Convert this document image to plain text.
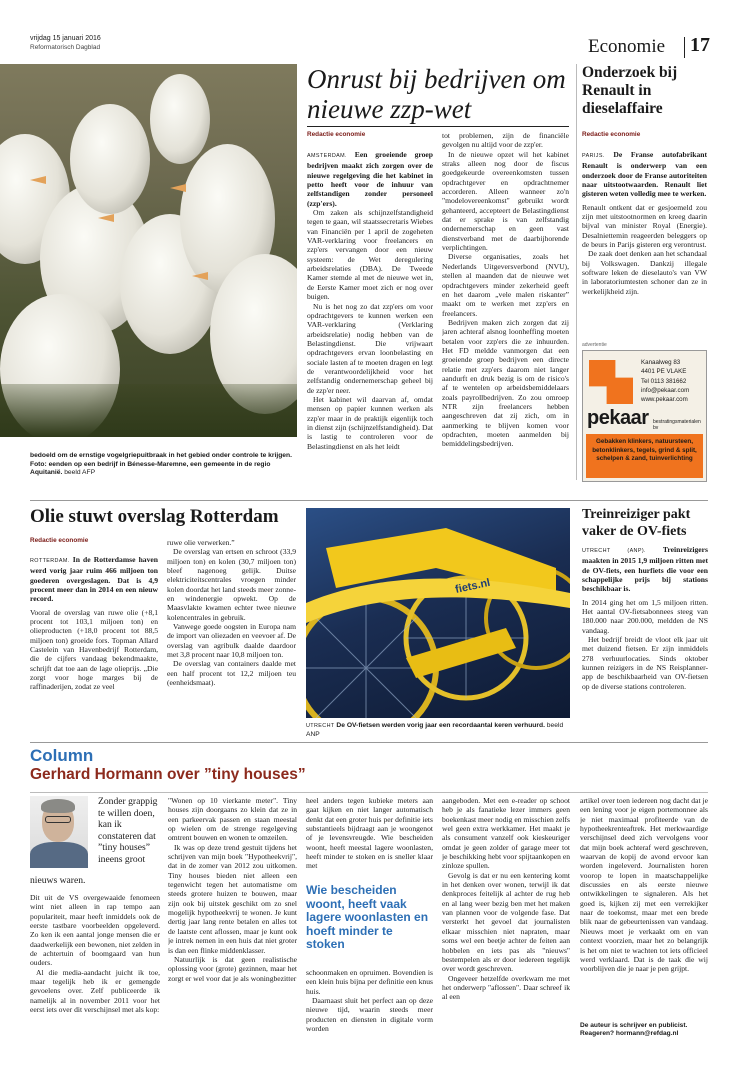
vrijdag 15 januari 2016
Reformatorisch Dagblad	Economie 17
bedoeld om de ernstige vogelgriepuitbraak in het gebied onder controle te krijgen. Foto: eenden op een bedrijf in Bénesse-Maremne, een gemeente in de regio Aquitanië. beeld AFP
Onrust bij bedrijven om nieuwe zzp-wet
Redactie economie

AMSTERDAM. Een groeiende groep bedrijven maakt zich zorgen over de nieuwe regelgeving die het kabinet in petto heeft voor de inhuur van zelfstandigen zonder personeel (zzp'ers).

Om zaken als schijnzelfstandigheid tegen te gaan, wil staatssecretaris Wiebes van Financiën per 1 april de zogeheten VAR-verklaring voor freelancers en zzp'ers vervangen door een nieuw systeem: de Wet deregulering arbeidsrelaties (DBA). De Tweede Kamer stemde al met de nieuwe wet in, de Eerste Kamer moet zich er nog over buigen.

Nu is het nog zo dat zzp'ers om voor opdrachtgevers te kunnen werken een VAR-verklaring (Verklaring arbeidsrelatie) nodig hebben van de Belastingdienst. Die vrijwaart opdrachtgevers ervan loonbelasting en sociale lasten af te moeten dragen en legt de verantwoordelijkheid voor het zelfstandig ondernemerschap geheel bij de zzp'er neer.

Het kabinet wil daarvan af, omdat mensen op papier kunnen werken als zzp'er maar in de praktijk eigenlijk toch in dienst zijn (schijnzelfstandigheid). Dat is lastig te controleren voor de Belastingdienst en als het leidt

tot problemen, zijn de financiële gevolgen nu altijd voor de zzp'er.

In de nieuwe opzet wil het kabinet straks alleen nog door de fiscus goedgekeurde overeenkomsten tussen opdrachtgever en opdrachtnemer accorderen. Alleen wanneer zo'n "modelovereenkomst" gebruikt wordt gehanteerd, accepteert de Belastingdienst dat er sprake is van zelfstandig ondernemerschap en geen vast dienstverband met de daarbijhorende verplichtingen.

Diverse organisaties, zoals het Nederlands Uitgeversverbond (NVU), stellen al maanden dat de nieuwe wet opdrachtgevers minder zekerheid geeft en het daarom „vele malen riskanter” maakt om te werken met zzp'ers en freelancers.

Bedrijven maken zich zorgen dat zij jaren achteraf alsnog loonheffing moeten betalen voor zzp'ers die ze inhuurden. Het FD meldde vanmorgen dat een groeiende groep bedrijven een directe relatie met zzp'ers daarom niet langer aandurft en druk bezig is om de risico's af te wentelen op arbeidsbemiddelaars zoals payrollbedrijven. Zo zou omroep NTR zijn freelancers hebben aangeschreven dat zij zich, om in aanmerking te blijven komen voor opdrachten, moeten aanmelden bij bemiddelingsbedrijven.

Onderzoek bij Renault in dieselaffaire
Redactie economie

PARIJS. De Franse autofabrikant Renault is onderwerp van een onderzoek door de Franse autoriteiten naar uitstootwaarden. Renault liet gisteren weten volledig mee te werken.

Renault ontkent dat er gesjoemeld zou zijn met uitstootnormen en kreeg daarin bijval van minister Royal (Energie). Desalniettemin reageerden beleggers op de beurs in Parijs gisteren erg verontrust.

De zaak doet denken aan het schandaal bij Volkswagen. Dankzij illegale software leken de dieselauto's van VW in laboratoriumtesten schoner dan ze in werkelijkheid zijn.

advertentie
Kanaalweg 83
4401 PE VLAKE
Tel 0113 381662
info@pekaar.com
www.pekaar.com
pekaar bestratingsmaterialen bv
Gebakken klinkers, natuursteen, betonklinkers, tegels, grind & split, schelpen & zand, tuinverlichting
Olie stuwt overslag Rotterdam
Redactie economie

ROTTERDAM. In de Rotterdamse haven werd vorig jaar ruim 466 miljoen ton goederen overgeslagen. Dat is 4,9 procent meer dan in 2014 en een nieuw record.

Vooral de overslag van ruwe olie (+8,1 procent tot 103,1 miljoen ton) en olieproducten (+18,0 procent tot 88,5 miljoen ton) groeide fors. Topman Allard Castelein van Havenbedrijf Rotterdam, die de cijfers vandaag bekendmaakte, schrijft dat toe aan de lage olieprijs. „Die zorgt voor hoge marges bij de raffinaderijen, zodat ze veel

ruwe olie verwerken.”

De overslag van ertsen en schroot (33,9 miljoen ton) en kolen (30,7 miljoen ton) bleef nagenoeg gelijk. Duitse elektriciteitscentrales vroegen minder kolen doordat het land steeds meer zonne- en windenergie opwekt. Op de Maasvlakte kwamen echter twee nieuwe kolencentrales in gebruik.

Vanwege goede oogsten in Europa nam de import van oliezaden en veevoer af. De overslag van agribulk daalde daardoor met 3,8 procent naar 10,8 miljoen ton.

De overslag van containers daalde met een half procent tot 12,2 miljoen teu (eenheidsmaat).

fiets.nl
UTRECHT De OV-fietsen werden vorig jaar een recordaantal keren verhuurd. beeld ANP
Treinreiziger pakt vaker de OV-fiets

UTRECHT (ANP). Treinreizigers maakten in 2015 1,9 miljoen ritten met de OV-fiets, een hurfiets die voor een schappelijke prijs bij stations beschikbaar is.

In 2014 ging het om 1,5 miljoen ritten. Het aantal OV-fietsabonnees steeg van 180.000 naar 200.000, meldden de NS vandaag.

Het bedrijf breidt de vloot elk jaar uit met duizend fietsen. Er zijn inmiddels 278 verhuurlocaties. Sinds oktober kunnen reizigers in de NS Reisplanner-app de beschikbaarheid van OV-fietsen op de diverse stations controleren.

Column
Gerhard Hormann over ”tiny houses”
Zonder grappig te willen doen, kan ik constateren dat ”tiny houses” ineens groot
nieuws waren.

Dit uit de VS overgewaaide fenomeen wint niet alleen in rap tempo aan populariteit, maar heeft inmiddels ook de eerste tastbare voorbeelden opgeleverd. Zo ken ik een aantal jonge mensen die er daadwerkelijk een bewonen, niet zelden in de achtertuin of boomgaard van hun ouders.

Al die media-aandacht juicht ik toe, maar tegelijk heb ik er gemengde gevoelens over. Zelf publiceerde ik namelijk al in november 2011 voor het eerst iets over dit verschijnsel met als kop:

"Wonen op 10 vierkante meter". Tiny houses zijn doorgaans zo klein dat ze in een parkeervak passen en staan meestal op wielen om de strenge regelgeving omtrent bouwen en wonen te omzeilen.

Ik was op deze trend gestuit tijdens het schrijven van mijn boek "Hypotheekvrij", dat in de zomer van 2012 zou uitkomen. Tiny houses bieden niet alleen een tegenwicht tegen het automatisme om steeds grotere huizen te bouwen, maar zijn ook bij uitstek geschikt om zo snel mogelijk hypotheekvrij te wonen. Je kunt dertig jaar lang rente betalen en alles tot de laatste cent aflossen, maar je kunt ook je intrek nemen in een huis dat niet groter is dan een flinke middenklasser.

Natuurlijk is dat geen realistische oplossing voor (grote) gezinnen, maar het zorgt er wel voor dat je als woningbezitter

heel anders tegen kubieke meters aan gaat kijken en niet langer automatisch denkt dat een groter huis per definitie iets substantieels bijdraagt aan je woongenot of je levensvreugde. Wie bescheiden woont, heeft meestal lagere woonlasten, heeft minder te stoken en is sneller klaar met

Wie bescheiden woont, heeft vaak lagere woonlasten en hoeft minder te stoken

schoonmaken en opruimen. Bovendien is een klein huis bijna per definitie een knus huis.

Daarnaast sluit het perfect aan op deze nieuwe tijd, waarin steeds meer producten en diensten in digitale vorm worden

aangeboden. Met een e-reader op schoot heb je als fanatieke lezer immers geen boekenkast meer nodig en misschien zelfs wel geen extra werkkamer. Het maakt je als consument vanzelf ook kieskeuriger omdat je geen zolder of garage meer tot je beschikking hebt voor spijtaankopen en zinloze spullen.

Gevolg is dat er nu een kentering komt in het denken over wonen, terwijl ik dat denkproces feitelijk al achter de rug heb en al lang weer bezig ben met het maken van plannen voor de volgende fase. Dat versterkt het gevoel dat journalisten elkaar misschien niet napraten, maar soms wel een beetje achter de feiten aan hobbelen en iets pas als "nieuws" bestempelen als er door iedereen tegelijk over wordt geschreven.

Ongeveer hetzelfde overkwam me met het onderwerp "aflossen". Daar schreef ik al een

artikel over toen iedereen nog dacht dat je een lening voor je eigen portemonnee als je niet maximaal profiteerde van de hypotheekrenteaftrek. Het merkwaardige verschijnsel deed zich vervolgens voor dat mijn boek achteraf werd geschreven, waarvan de kopij de avond ervoor kan worden ingeleverd. Journalisten horen voorop te lopen in maatschappelijke discussies en als eerste nieuwe ontwikkelingen te signaleren. Als het goed is, kijken zij met een verrekijker naar de toekomst, maar met een brede blik naar de gebeurtenissen van vandaag. Nieuws moet je verkaakt om en van context voorzien, maar het zo belangrijk is het om niet te wachten tot iets officieel werd verklaard. Dat is de taak die wij voorblijven die je naar je pen grijpt.

De auteur is schrijver en publicist. Reageren? hormann@refdag.nl
